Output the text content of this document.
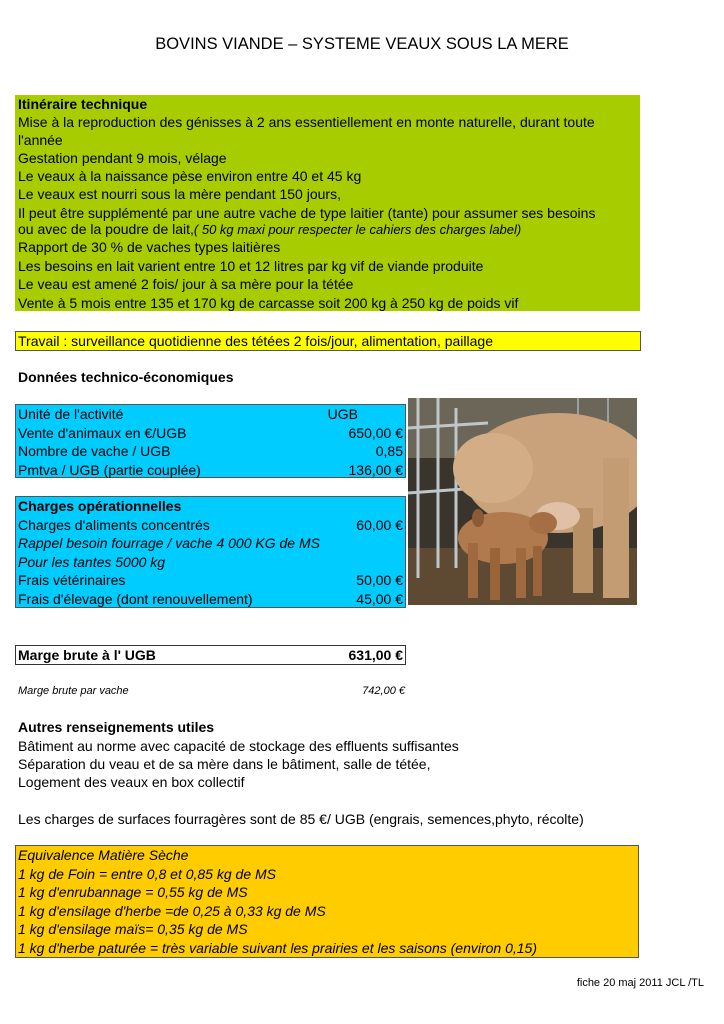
BOVINS VIANDE – SYSTEME VEAUX SOUS LA MERE
Itinéraire technique
Mise à la reproduction des génisses à 2 ans essentiellement en monte naturelle, durant toute l'année
Gestation pendant 9 mois, vélage
Le veaux à la naissance pèse environ entre 40 et 45 kg
Le veaux est nourri sous la mère pendant 150 jours,
Il peut être supplémenté par une autre vache de type laitier (tante) pour assumer ses besoins
ou avec de la poudre de lait,( 50 kg maxi pour respecter le cahiers des charges label)
Rapport de 30 % de vaches types laitières
Les besoins en lait varient entre 10 et 12 litres par kg vif de viande produite
Le veau est amené 2 fois/ jour à sa mère pour la tétée
Vente à 5 mois entre 135 et 170 kg de carcasse soit 200 kg à 250 kg de poids vif
Travail : surveillance quotidienne des tétées 2 fois/jour, alimentation, paillage
Données technico-économiques
Unité de l'activité	UGB
Vente d'animaux en €/UGB	650,00 €
Nombre de vache / UGB	0,85
Pmtva / UGB (partie couplée)	136,00 €
Charges opérationnelles
Charges d'aliments concentrés	60,00 €
Rappel besoin fourrage / vache 4 000 KG de MS
Pour les tantes 5000 kg
Frais vétérinaires	50,00 €
Frais d'élevage (dont renouvellement)	45,00 €
Marge brute à l' UGB	631,00 €
Marge brute par vache	742,00 €
Autres renseignements utiles
Bâtiment au norme avec capacité de stockage des effluents suffisantes
Séparation du veau et de sa mère dans le bâtiment, salle de tétée,
Logement des veaux en box collectif
Les charges de surfaces fourragères sont de 85 €/ UGB (engrais, semences,phyto, récolte)
Equivalence Matière Sèche
1 kg de Foin = entre 0,8 et 0,85 kg de MS
1 kg d'enrubannage = 0,55 kg de MS
1 kg d'ensilage d'herbe =de 0,25 à 0,33 kg de MS
1 kg d'ensilage maïs= 0,35 kg de MS
1 kg d'herbe paturée = très variable suivant les prairies et les saisons (environ 0,15)
fiche 20 maj 2011 JCL /TL
